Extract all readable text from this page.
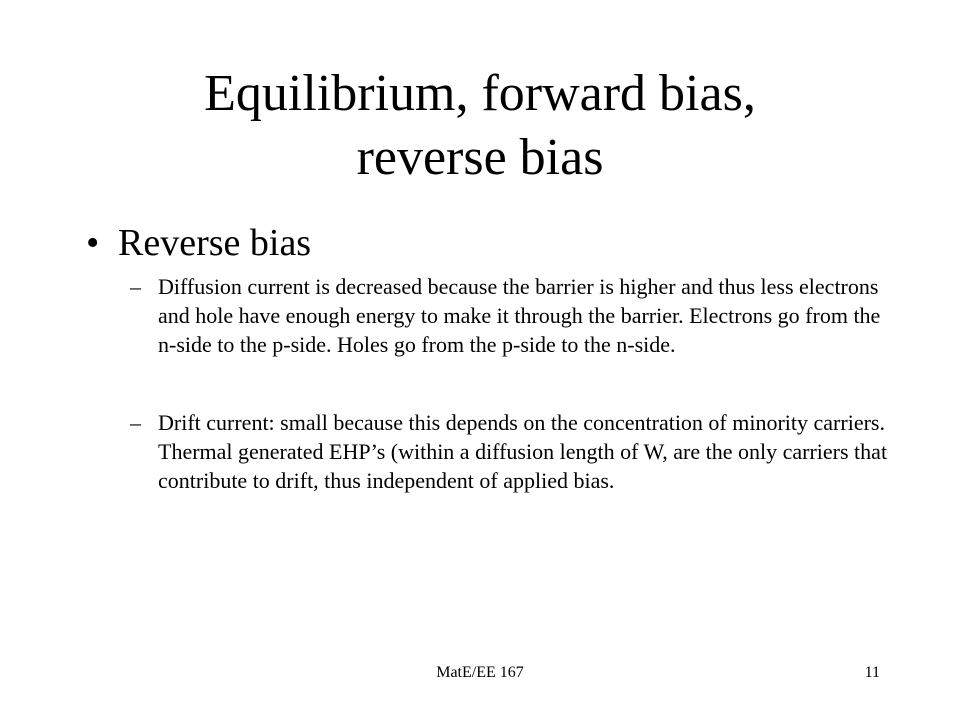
Equilibrium, forward bias,
reverse bias
• Reverse bias
– Diffusion current is decreased because the barrier is higher and thus less electrons and hole have enough energy to make it through the barrier. Electrons go from the n-side to the p-side. Holes go from the p-side to the n-side.
– Drift current: small because this depends on the concentration of minority carriers. Thermal generated EHP’s (within a diffusion length of W, are the only carriers that contribute to drift, thus independent of applied bias.
MatE/EE 167	11
